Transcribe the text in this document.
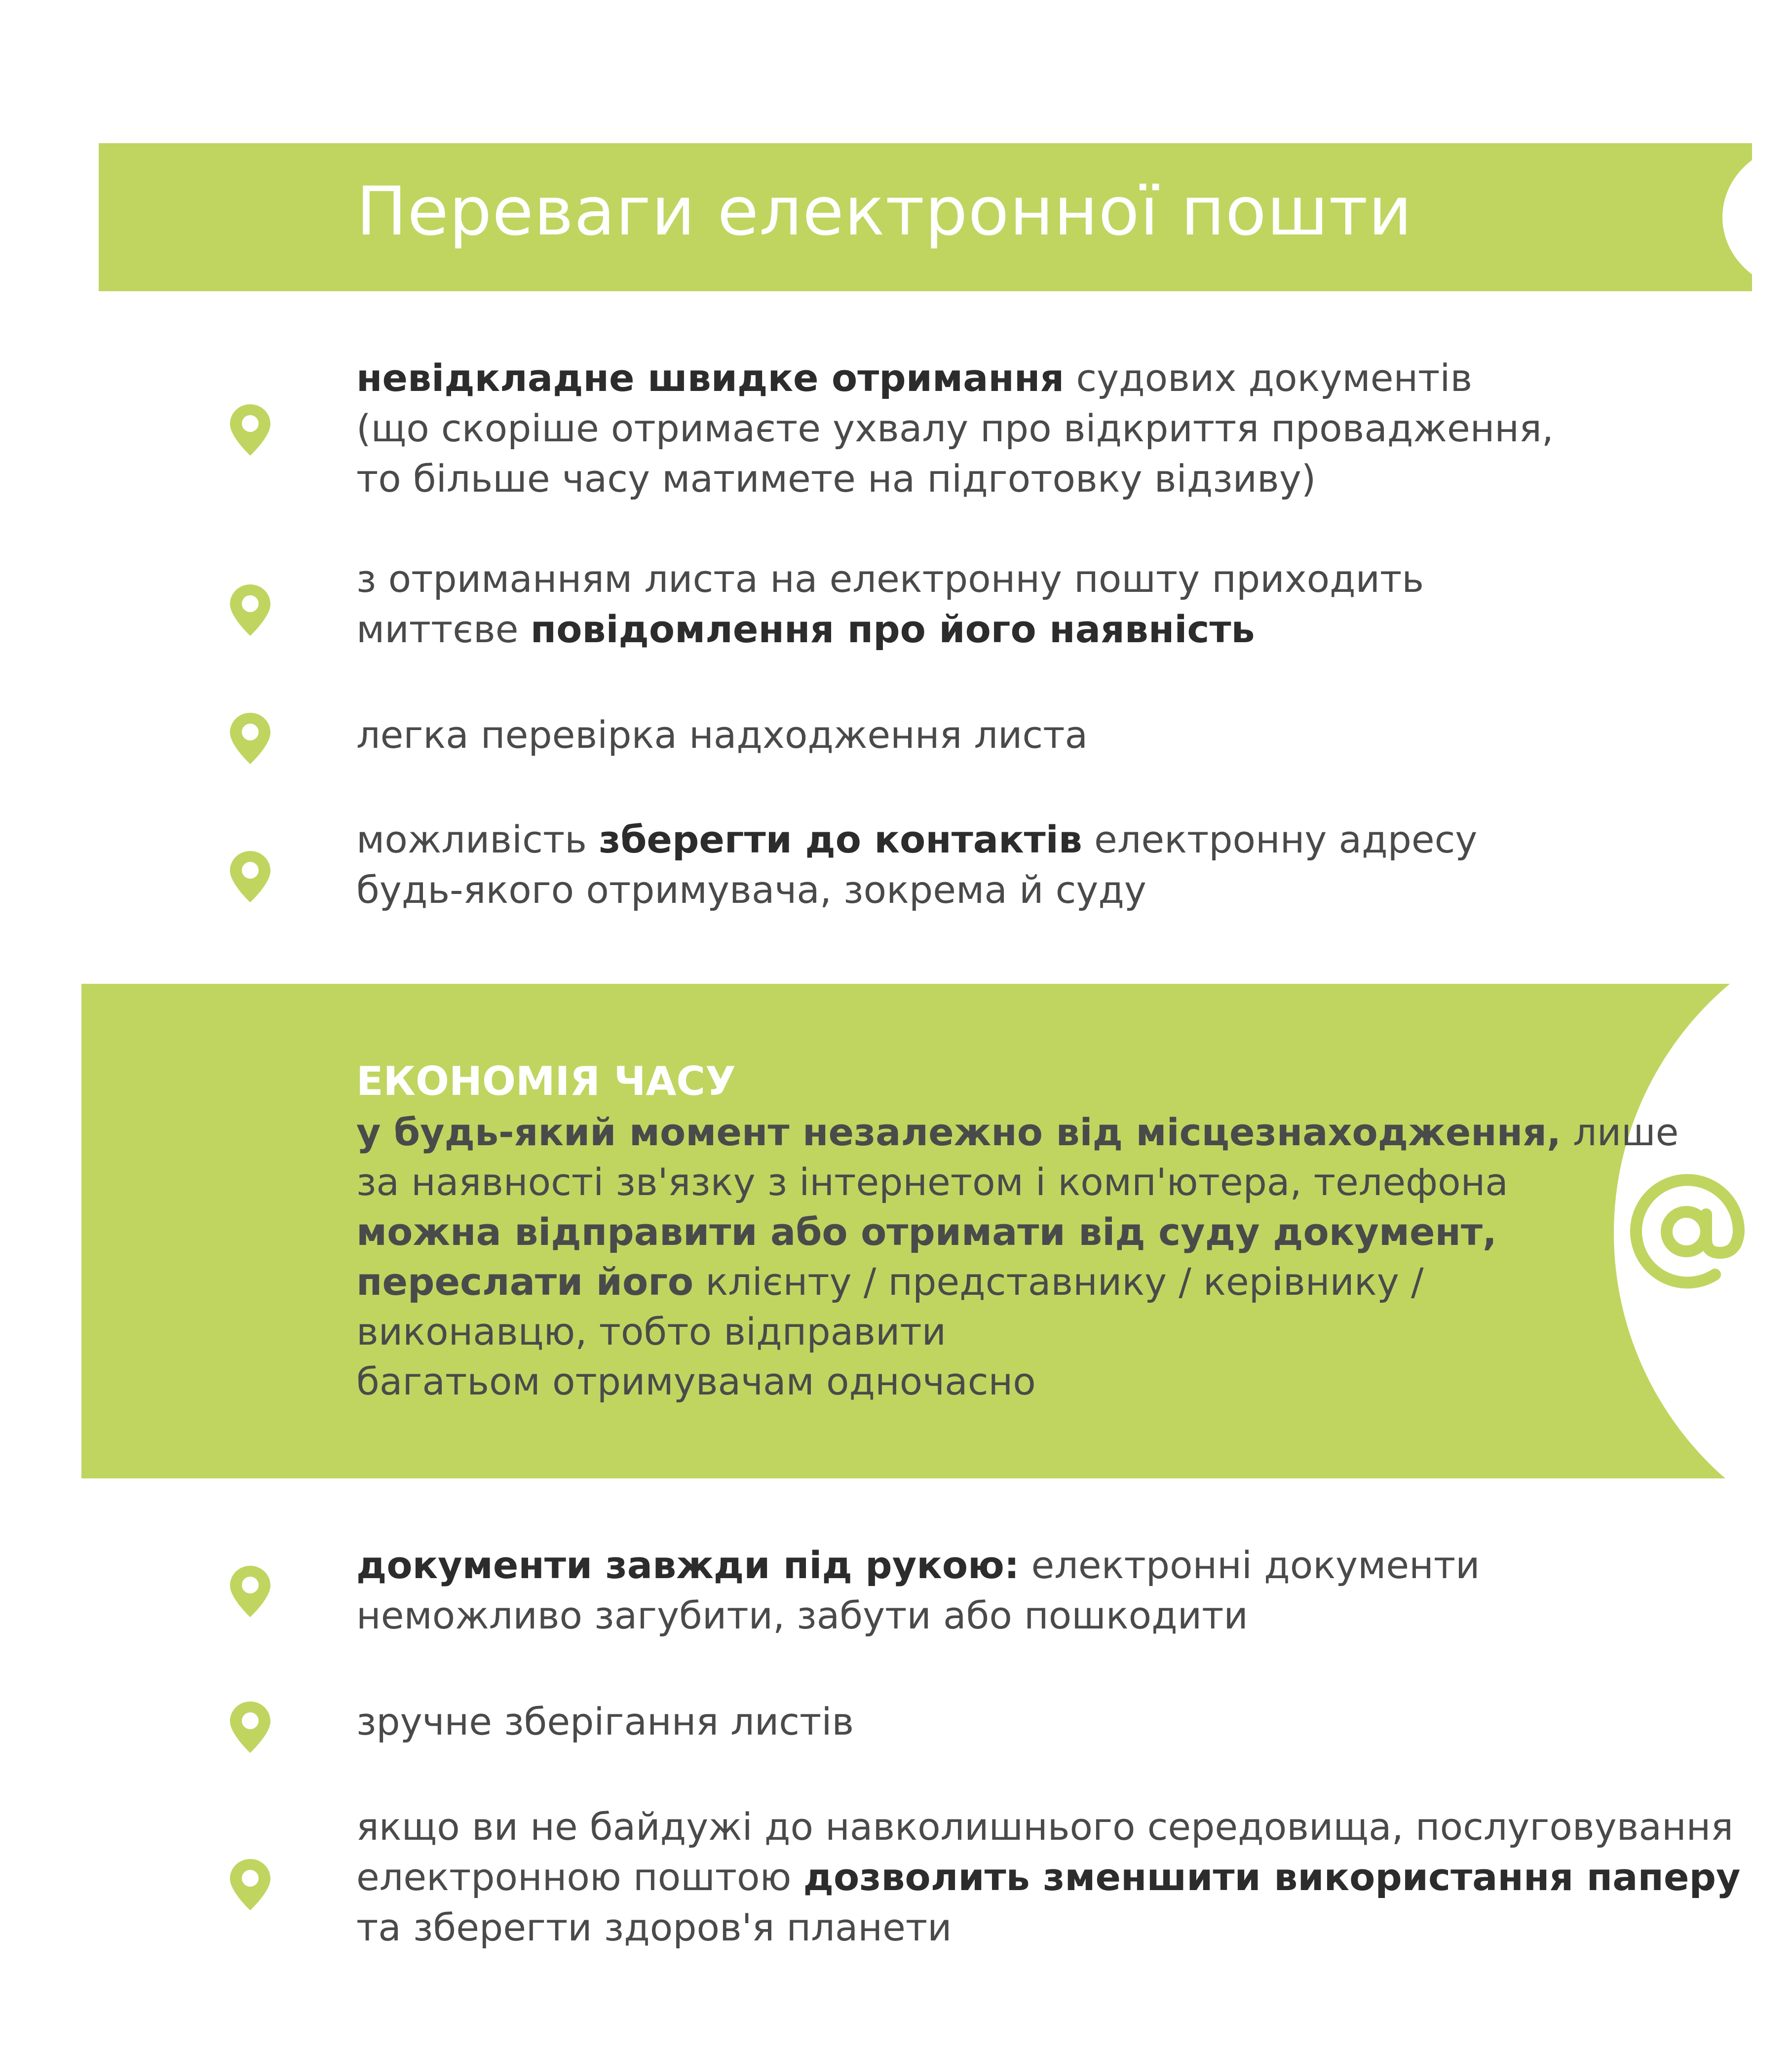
Переваги електронної пошти
невідкладне швидке отримання судових документів
(що скоріше отримаєте ухвалу про відкриття провадження,
то більше часу матимете на підготовку відзиву)
з отриманням листа на електронну пошту приходить
миттєве повідомлення про його наявність
легка перевірка надходження листа
можливість зберегти до контактів електронну адресу
будь-якого отримувача, зокрема й суду
ЕКОНОМІЯ ЧАСУ
у будь-який момент незалежно від місцезнаходження, лише
за наявності зв'язку з інтернетом і комп'ютера, телефона
можна відправити або отримати від суду документ,
переслати його клієнту / представнику / керівнику /
виконавцю, тобто відправити
багатьом отримувачам одночасно
документи завжди під рукою: електронні документи
неможливо загубити, забути або пошкодити
зручне зберігання листів
якщо ви не байдужі до навколишнього середовища, послуговування
електронною поштою дозволить зменшити використання паперу
та зберегти здоров'я планети
